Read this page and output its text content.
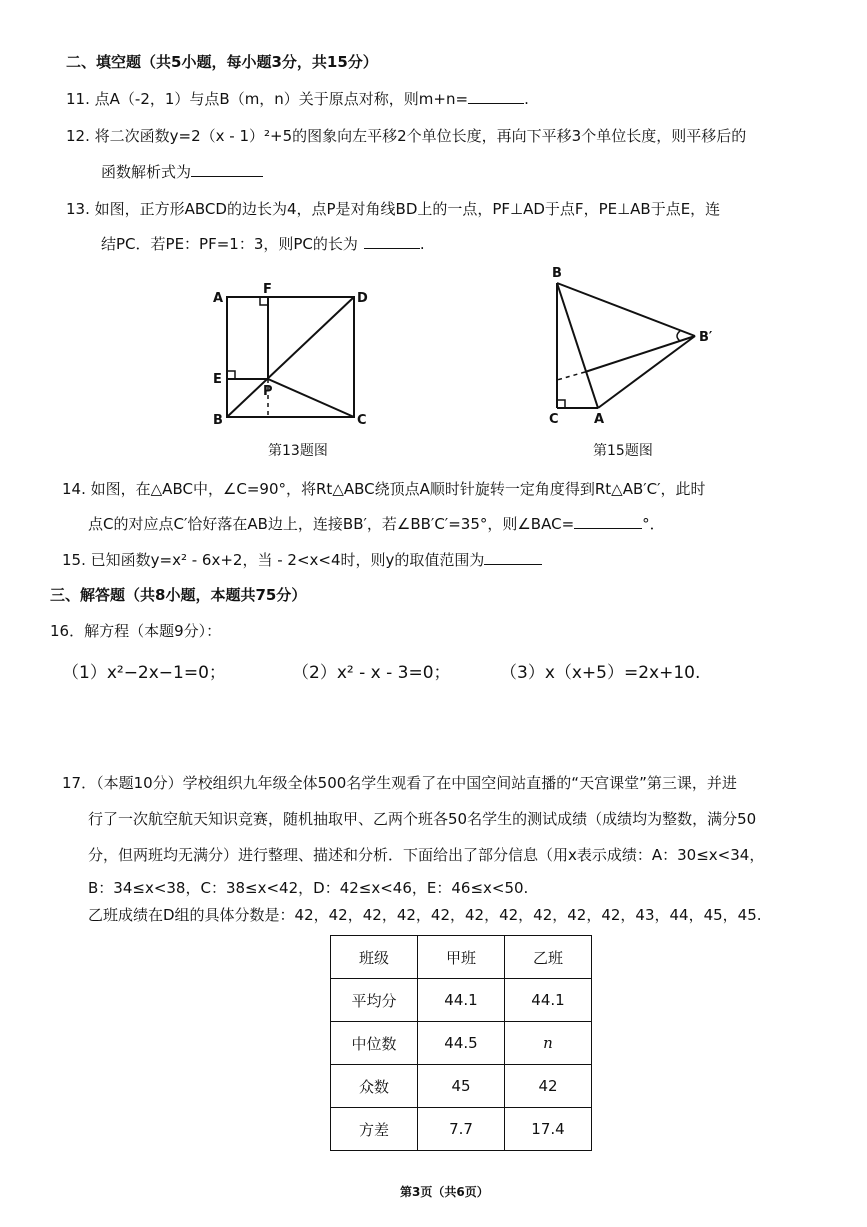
二、填空题（共5小题，每小题3分，共15分）
11. 点A（-2，1）与点B（m，n）关于原点对称，则m+n=	.
12. 将二次函数y=2（x - 1）²+5的图象向左平移2个单位长度，再向下平移3个单位长度，则平移后的
函数解析式为
13. 如图，正方形ABCD的边长为4，点P是对角线BD上的一点，PF⊥AD于点F，PE⊥AB于点E，连
结PC．若PE：PF=1：3，则PC的长为	.
A
F
D
E
P
B	C
第13题图
B
B′
C	A
第15题图
14. 如图，在△ABC中，∠C=90°，将Rt△ABC绕顶点A顺时针旋转一定角度得到Rt△AB′C′，此时
点C的对应点C′恰好落在AB边上，连接BB′，若∠BB′C′=35°，则∠BAC=	°．
15. 已知函数y=x² - 6x+2，当 - 2<x<4时，则y的取值范围为
三、解答题（共8小题，本题共75分）
16．解方程（本题9分）：
（1）x²−2x−1=0；	（2）x² - x - 3=0；	（3）x（x+5）=2x+10.
17．（本题10分）学校组织九年级全体500名学生观看了在中国空间站直播的“天宫课堂”第三课，并进
行了一次航空航天知识竞赛，随机抽取甲、乙两个班各50名学生的测试成绩（成绩均为整数，满分50
分，但两班均无满分）进行整理、描述和分析．下面给出了部分信息（用x表示成绩：A：30≤x<34，
B：34≤x<38，C：38≤x<42，D：42≤x<46，E：46≤x<50.
乙班成绩在D组的具体分数是：42，42，42，42，42，42，42，42，42，42，43，44，45，45.
班级	甲班	乙班
平均分	44.1	44.1
中位数	44.5	n
众数	45	42
方差	7.7	17.4
第3页（共6页）
